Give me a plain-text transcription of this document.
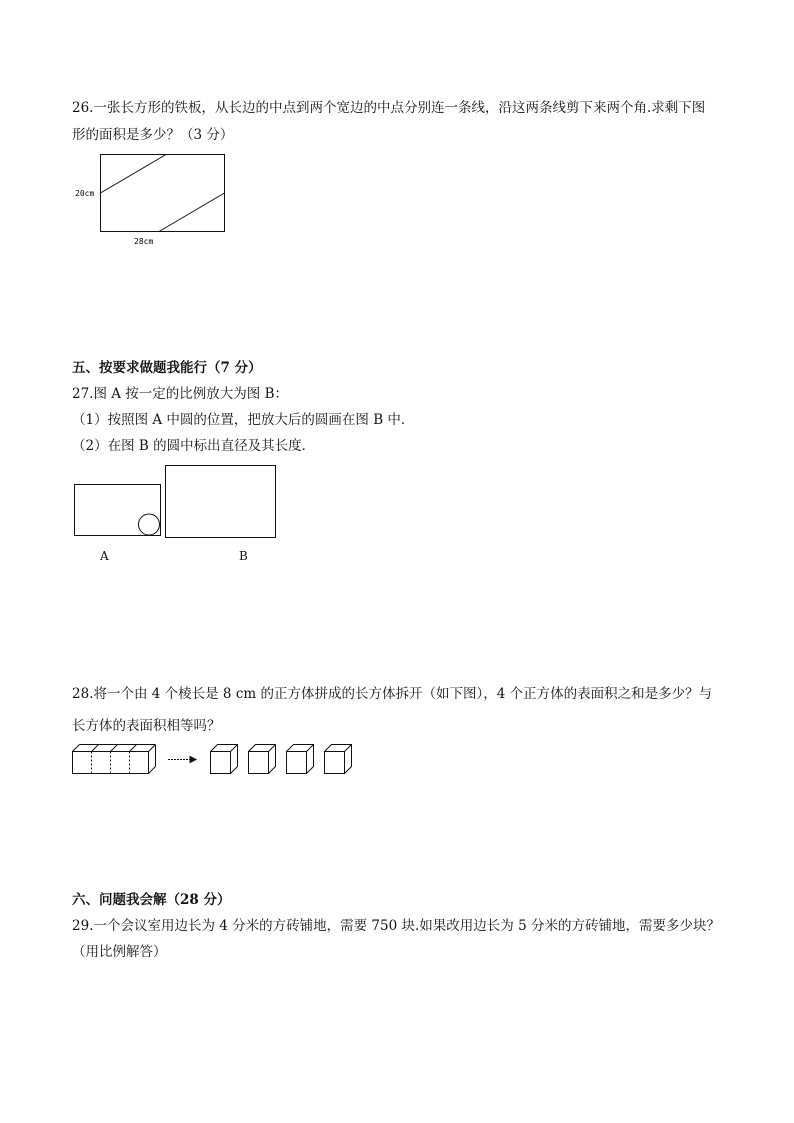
26.一张长方形的铁板，从长边的中点到两个宽边的中点分别连一条线，沿这两条线剪下来两个角.求剩下图
形的面积是多少？（3 分）
20cm
28cm
五、按要求做题我能行（7 分）
27.图 A 按一定的比例放大为图 B：
（1）按照图 A 中圆的位置，把放大后的圆画在图 B 中．
（2）在图 B 的圆中标出直径及其长度．
A	B
28.将一个由 4 个棱长是 8 cm 的正方体拼成的长方体拆开（如下图），4 个正方体的表面积之和是多少？与
长方体的表面积相等吗？
六、问题我会解（28 分）
29.一个会议室用边长为 4 分米的方砖铺地，需要 750 块.如果改用边长为 5 分米的方砖铺地，需要多少块？
（用比例解答）
